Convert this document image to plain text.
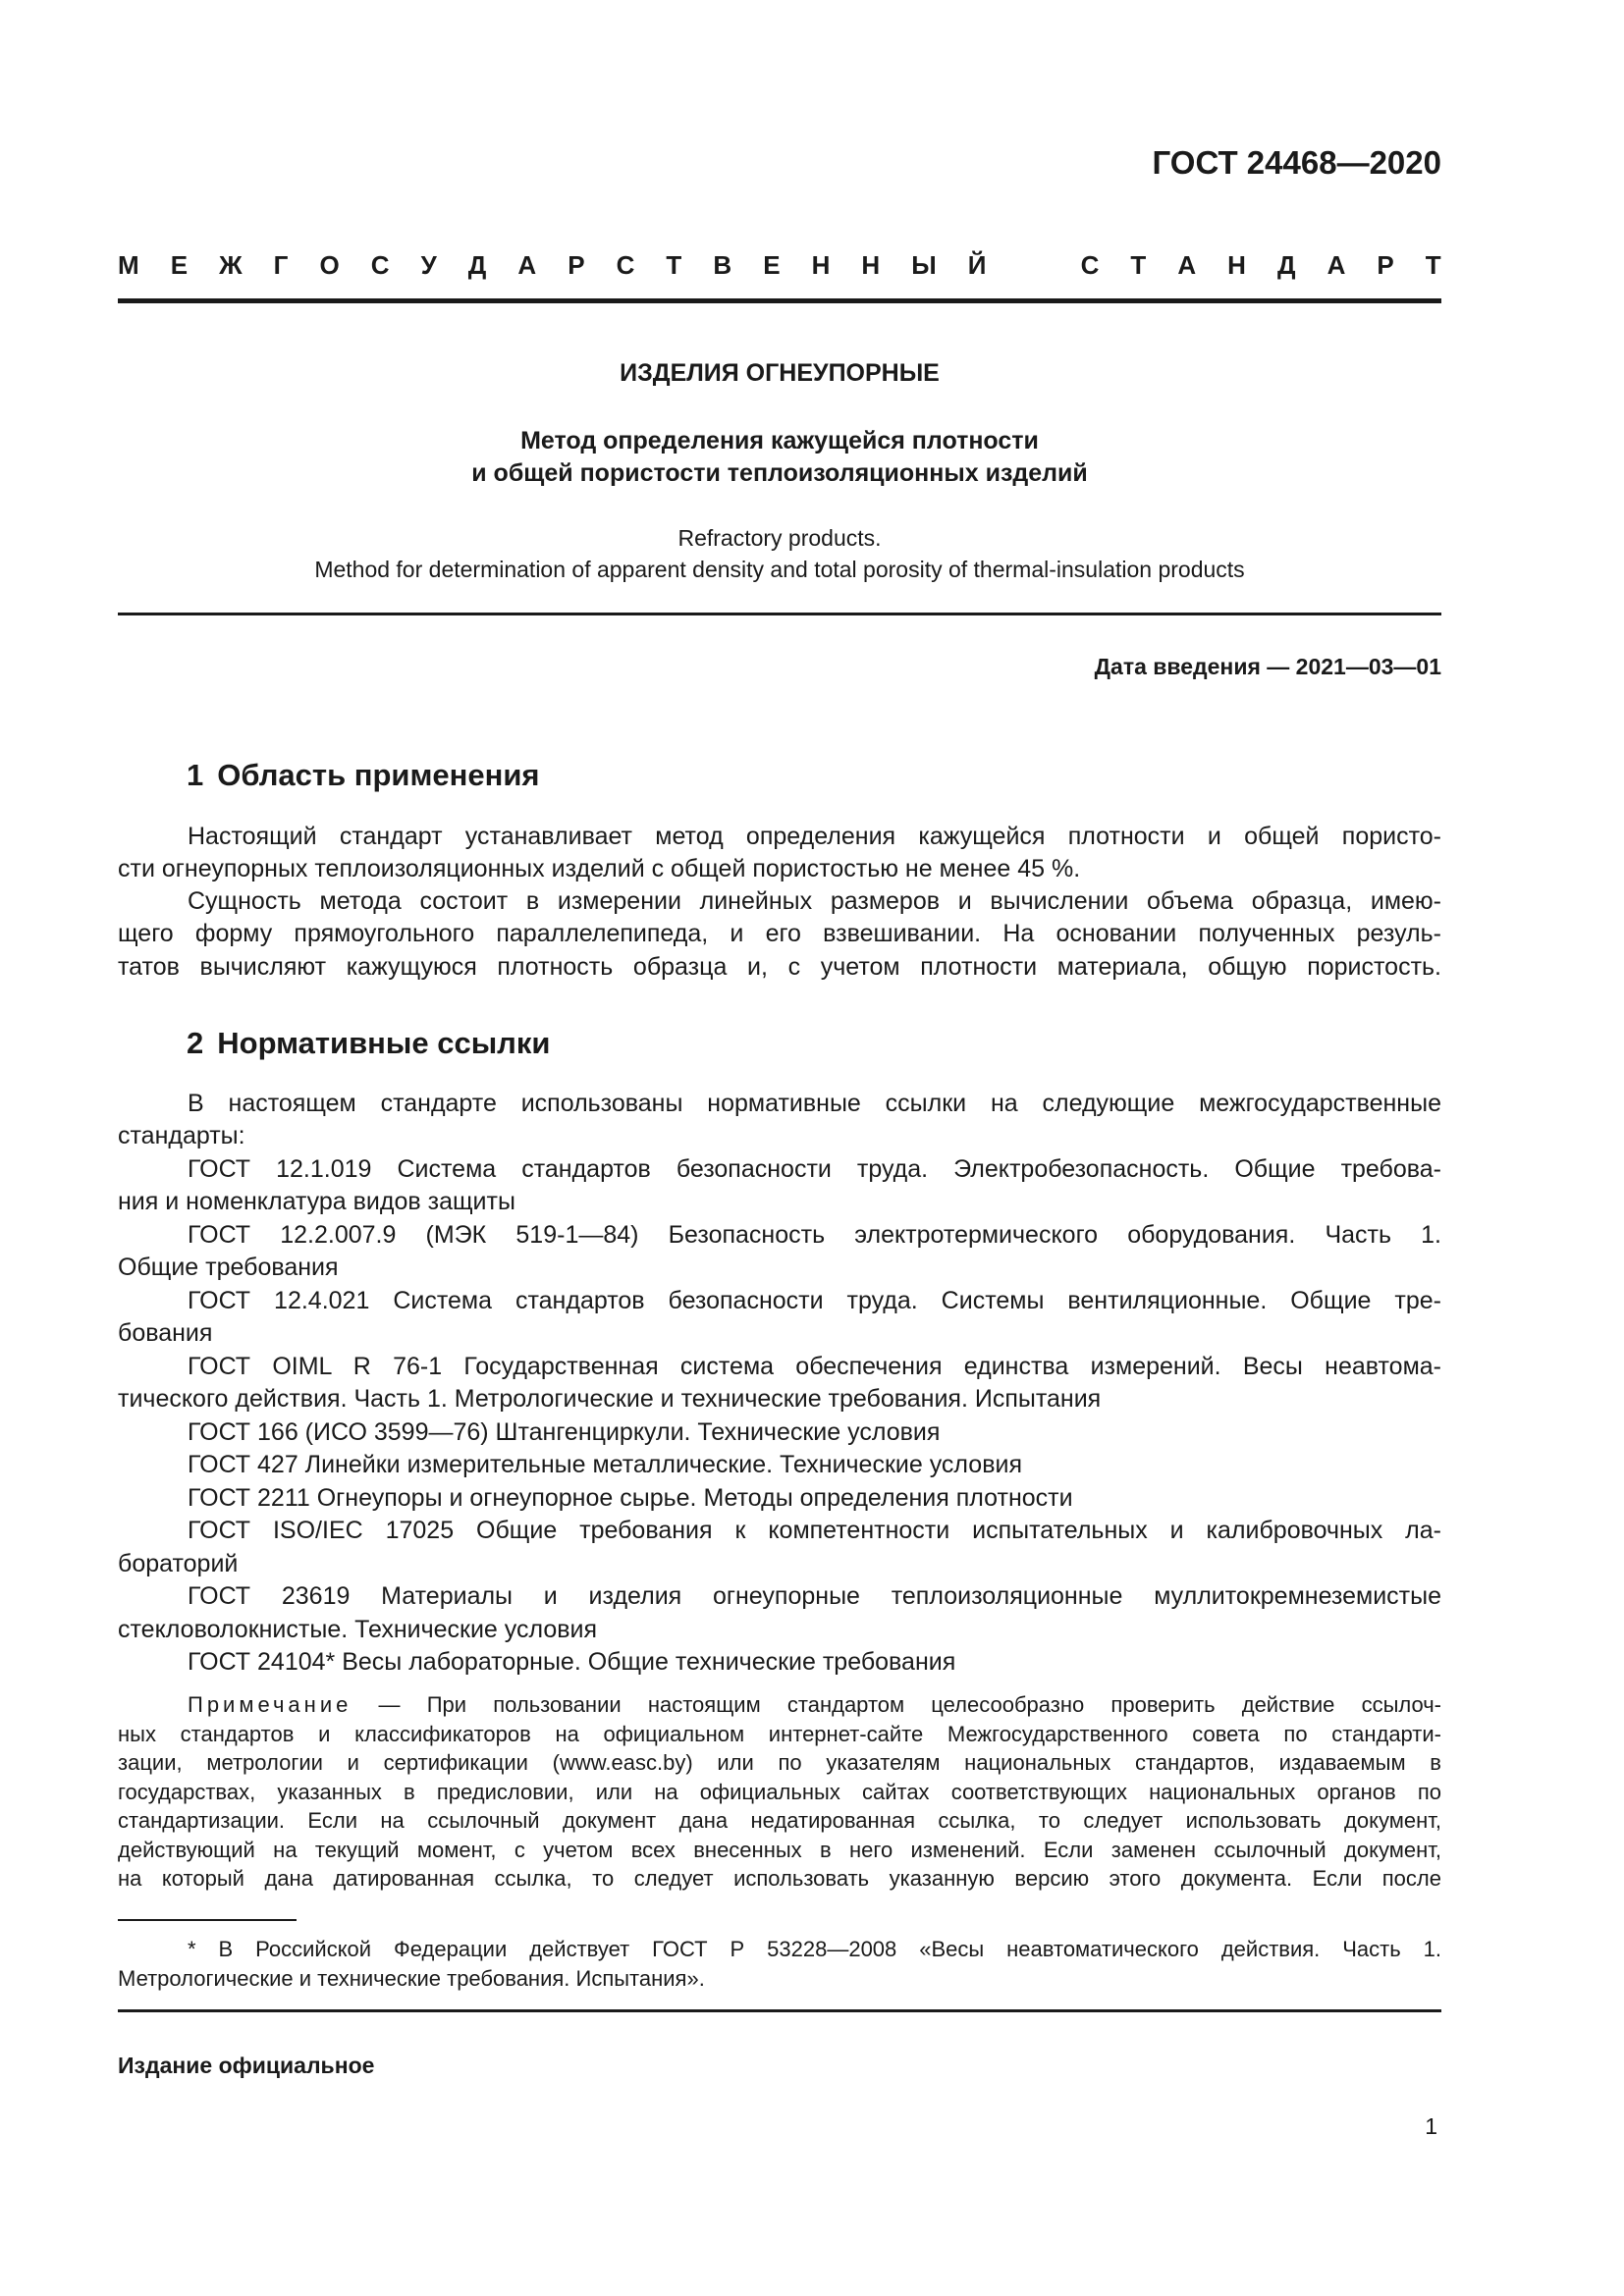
ГОСТ 24468—2020
М Е Ж Г О С У Д А Р С Т В Е Н Н Ы Й	С Т А Н Д А Р Т
ИЗДЕЛИЯ ОГНЕУПОРНЫЕ
Метод определения кажущейся плотности
и общей пористости теплоизоляционных изделий
Refractory products.
Method for determination of apparent density and total porosity of thermal-insulation products
Дата введения — 2021—03—01
1 Область применения
Настоящий стандарт устанавливает метод определения кажущейся плотности и общей пористо-
сти огнеупорных теплоизоляционных изделий с общей пористостью не менее 45 %.
Сущность метода состоит в измерении линейных размеров и вычислении объема образца, имею-
щего форму прямоугольного параллелепипеда, и его взвешивании. На основании полученных резуль-
татов вычисляют кажущуюся плотность образца и, с учетом плотности материала, общую пористость.
2 Нормативные ссылки
В настоящем стандарте использованы нормативные ссылки на следующие межгосударственные
стандарты:
ГОСТ 12.1.019 Система стандартов безопасности труда. Электробезопасность. Общие требова-
ния и номенклатура видов защиты
ГОСТ 12.2.007.9 (МЭК 519-1—84) Безопасность электротермического оборудования. Часть 1.
Общие требования
ГОСТ 12.4.021 Система стандартов безопасности труда. Системы вентиляционные. Общие тре-
бования
ГОСТ OIML R 76-1 Государственная система обеспечения единства измерений. Весы неавтома-
тического действия. Часть 1. Метрологические и технические требования. Испытания
ГОСТ 166 (ИСО 3599—76) Штангенциркули. Технические условия
ГОСТ 427 Линейки измерительные металлические. Технические условия
ГОСТ 2211 Огнеупоры и огнеупорное сырье. Методы определения плотности
ГОСТ ISO/IEC 17025 Общие требования к компетентности испытательных и калибровочных ла-
бораторий
ГОСТ 23619 Материалы и изделия огнеупорные теплоизоляционные муллитокремнеземистые
стекловолокнистые. Технические условия
ГОСТ 24104* Весы лабораторные. Общие технические требования
Примечание — При пользовании настоящим стандартом целесообразно проверить действие ссылоч-
ных стандартов и классификаторов на официальном интернет-сайте Межгосударственного совета по стандарти-
зации, метрологии и сертификации (www.easc.by) или по указателям национальных стандартов, издаваемым в
государствах, указанных в предисловии, или на официальных сайтах соответствующих национальных органов по
стандартизации. Если на ссылочный документ дана недатированная ссылка, то следует использовать документ,
действующий на текущий момент, с учетом всех внесенных в него изменений. Если заменен ссылочный документ,
на который дана датированная ссылка, то следует использовать указанную версию этого документа. Если после
* В Российской Федерации действует ГОСТ Р 53228—2008 «Весы неавтоматического действия. Часть 1.
Метрологические и технические требования. Испытания».
Издание официальное
1
